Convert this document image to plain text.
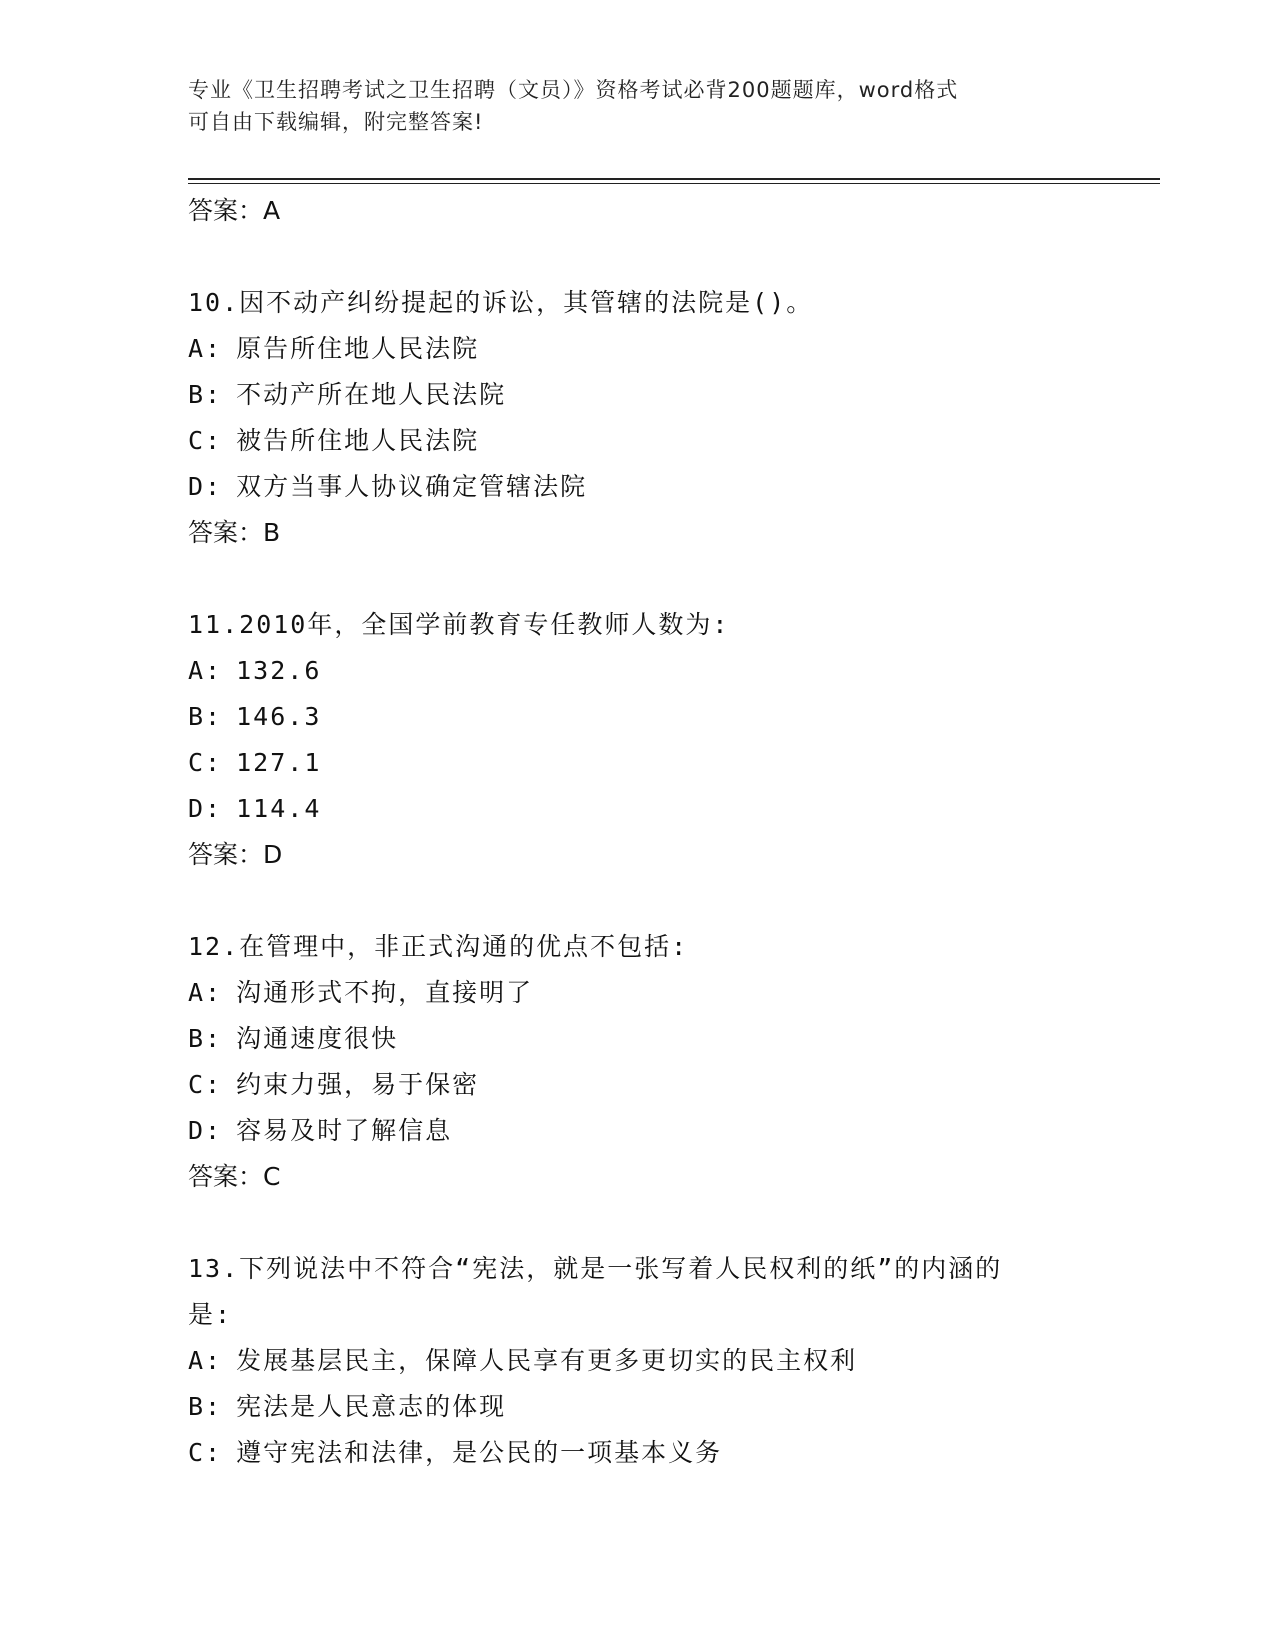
专业《卫生招聘考试之卫生招聘（文员）》资格考试必背200题题库，word格式
可自由下载编辑，附完整答案!
答案：A
10.因不动产纠纷提起的诉讼，其管辖的法院是()。
A: 原告所住地人民法院
B: 不动产所在地人民法院
C: 被告所住地人民法院
D: 双方当事人协议确定管辖法院
答案：B
11.2010年，全国学前教育专任教师人数为:
A: 132.6
B: 146.3
C: 127.1
D: 114.4
答案：D
12.在管理中，非正式沟通的优点不包括:
A: 沟通形式不拘，直接明了
B: 沟通速度很快
C: 约束力强，易于保密
D: 容易及时了解信息
答案：C
13.下列说法中不符合“宪法，就是一张写着人民权利的纸”的内涵的
是:
A: 发展基层民主，保障人民享有更多更切实的民主权利
B: 宪法是人民意志的体现
C: 遵守宪法和法律，是公民的一项基本义务
